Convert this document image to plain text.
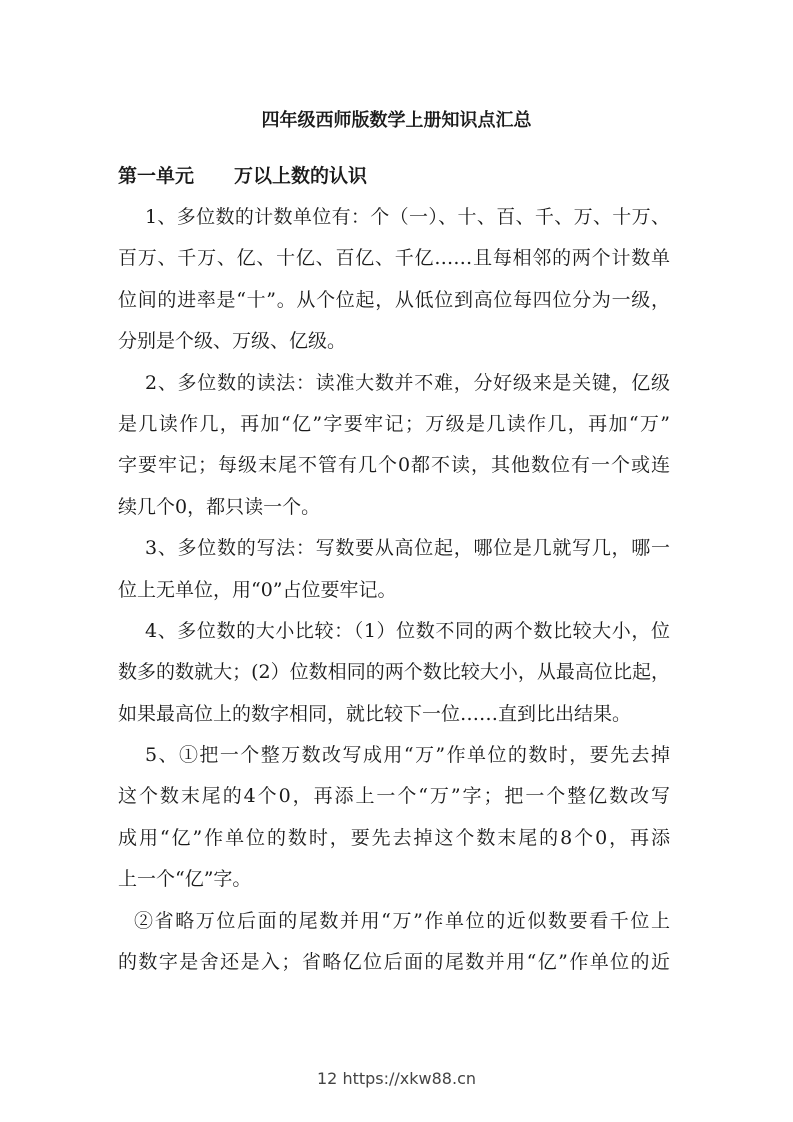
四年级西师版数学上册知识点汇总
第一单元 万以上数的认识
1、多位数的计数单位有：个（一）、十、百、千、万、十万、
百万、千万、亿、十亿、百亿、千亿……且每相邻的两个计数单
位间的进率是“十”。从个位起，从低位到高位每四位分为一级，
分别是个级、万级、亿级。
2、多位数的读法：读准大数并不难，分好级来是关键，亿级
是几读作几，再加“亿”字要牢记；万级是几读作几，再加“万”
字要牢记；每级末尾不管有几个0都不读，其他数位有一个或连
续几个0，都只读一个。
3、多位数的写法：写数要从高位起，哪位是几就写几，哪一
位上无单位，用“0”占位要牢记。
4、多位数的大小比较：（1）位数不同的两个数比较大小，位
数多的数就大；(2）位数相同的两个数比较大小，从最高位比起，
如果最高位上的数字相同，就比较下一位……直到比出结果。
5、①把一个整万数改写成用“万”作单位的数时，要先去掉
这个数末尾的4个0，再添上一个“万”字；把一个整亿数改写
成用“亿”作单位的数时，要先去掉这个数末尾的8个0，再添
上一个“亿”字。
②省略万位后面的尾数并用“万”作单位的近似数要看千位上
的数字是舍还是入；省略亿位后面的尾数并用“亿”作单位的近
12 https://xkw88.cn
